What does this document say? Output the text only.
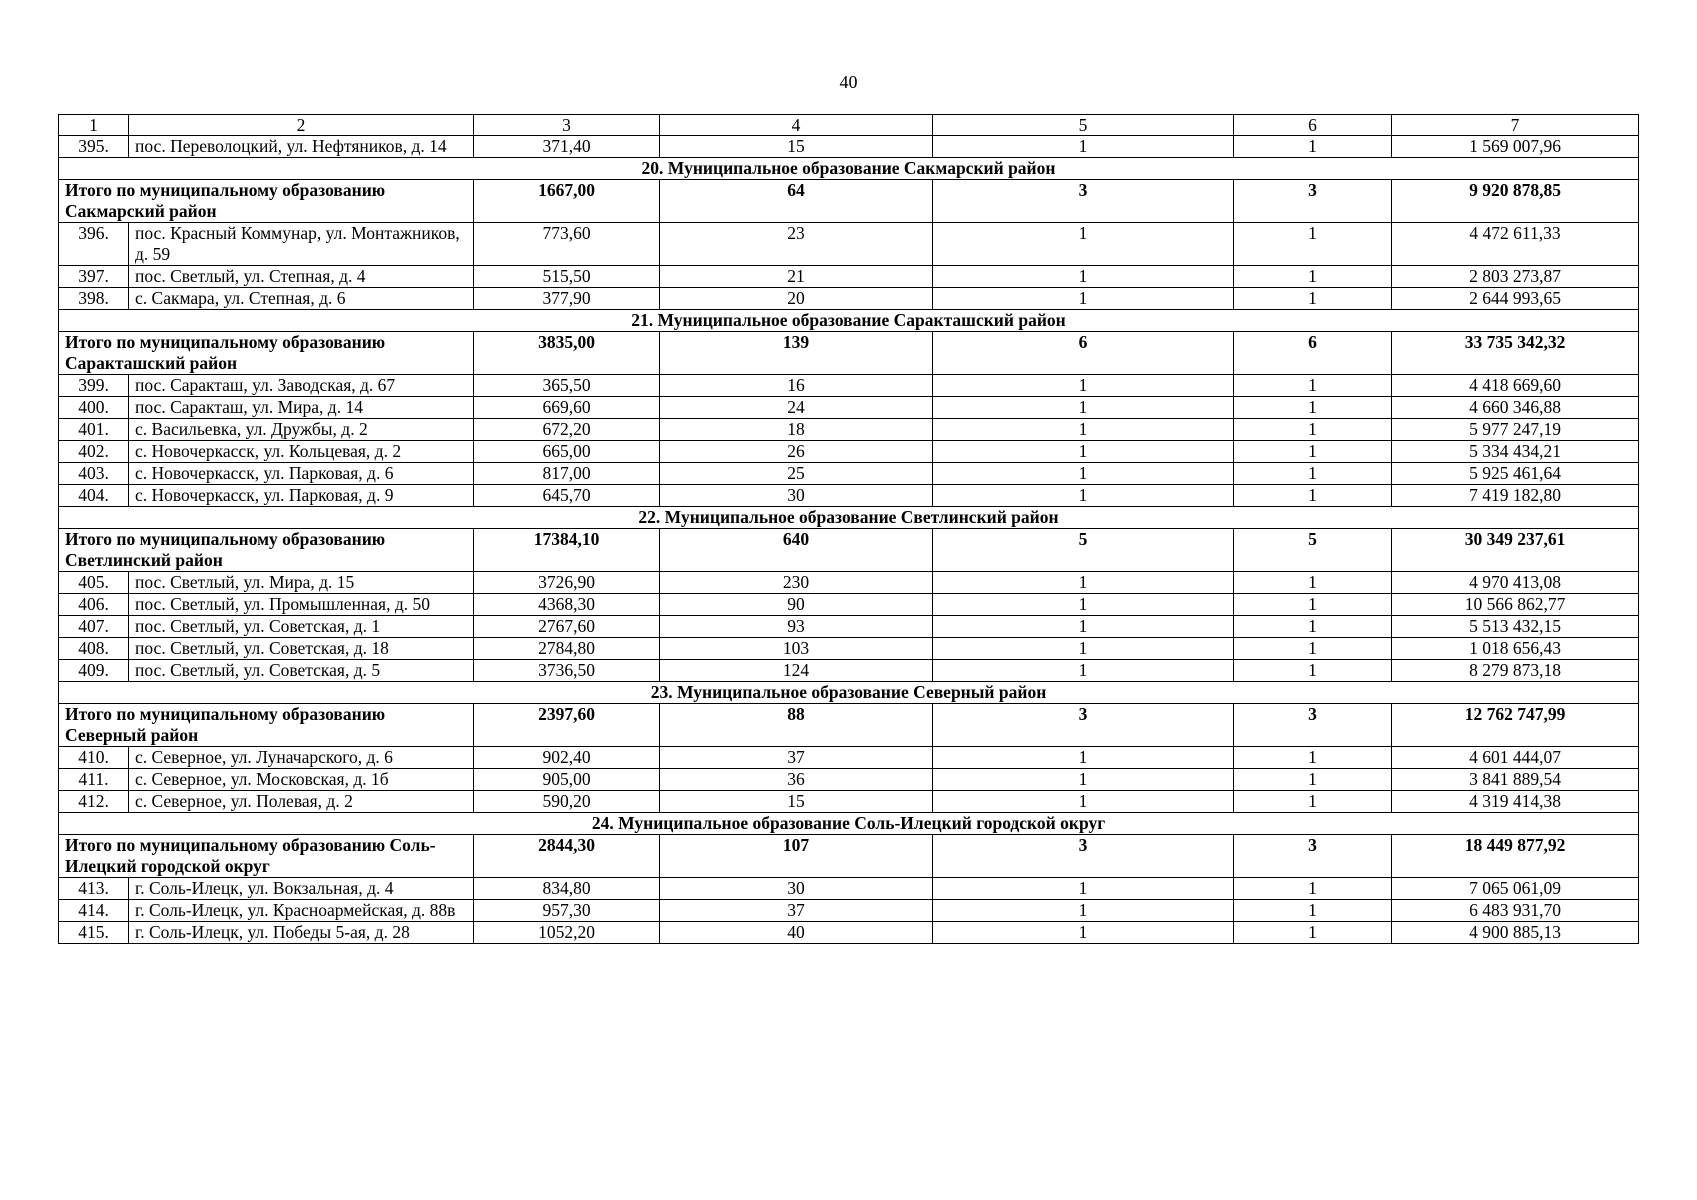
40
1	2	3	4	5	6	7
395.	пос. Переволоцкий, ул. Нефтяников, д. 14	371,40	15	1	1	1 569 007,96
20. Муниципальное образование Сакмарский район						
Итого по муниципальному образованию Сакмарский район		1667,00	64	3	3	9 920 878,85
396.	пос. Красный Коммунар, ул. Монтажников, д. 59	773,60	23	1	1	4 472 611,33
397.	пос. Светлый, ул. Степная, д. 4	515,50	21	1	1	2 803 273,87
398.	с. Сакмара, ул. Степная, д. 6	377,90	20	1	1	2 644 993,65
21. Муниципальное образование Саракташский район						
Итого по муниципальному образованию Саракташский район		3835,00	139	6	6	33 735 342,32
399.	пос. Саракташ, ул. Заводская, д. 67	365,50	16	1	1	4 418 669,60
400.	пос. Саракташ, ул. Мира, д. 14	669,60	24	1	1	4 660 346,88
401.	с. Васильевка, ул. Дружбы, д. 2	672,20	18	1	1	5 977 247,19
402.	с. Новочеркасск, ул. Кольцевая, д. 2	665,00	26	1	1	5 334 434,21
403.	с. Новочеркасск, ул. Парковая, д. 6	817,00	25	1	1	5 925 461,64
404.	с. Новочеркасск, ул. Парковая, д. 9	645,70	30	1	1	7 419 182,80
22. Муниципальное образование Светлинский район						
Итого по муниципальному образованию Светлинский район		17384,10	640	5	5	30 349 237,61
405.	пос. Светлый, ул. Мира, д. 15	3726,90	230	1	1	4 970 413,08
406.	пос. Светлый, ул. Промышленная, д. 50	4368,30	90	1	1	10 566 862,77
407.	пос. Светлый, ул. Советская, д. 1	2767,60	93	1	1	5 513 432,15
408.	пос. Светлый, ул. Советская, д. 18	2784,80	103	1	1	1 018 656,43
409.	пос. Светлый, ул. Советская, д. 5	3736,50	124	1	1	8 279 873,18
23. Муниципальное образование Северный район						
Итого по муниципальному образованию Северный район		2397,60	88	3	3	12 762 747,99
410.	с. Северное, ул. Луначарского, д. 6	902,40	37	1	1	4 601 444,07
411.	с. Северное, ул. Московская, д. 1б	905,00	36	1	1	3 841 889,54
412.	с. Северное, ул. Полевая, д. 2	590,20	15	1	1	4 319 414,38
24. Муниципальное образование Соль-Илецкий городской округ						
Итого по муниципальному образованию Соль-Илецкий городской округ		2844,30	107	3	3	18 449 877,92
413.	г. Соль-Илецк, ул. Вокзальная, д. 4	834,80	30	1	1	7 065 061,09
414.	г. Соль-Илецк, ул. Красноармейская, д. 88в	957,30	37	1	1	6 483 931,70
415.	г. Соль-Илецк, ул. Победы 5-ая, д. 28	1052,20	40	1	1	4 900 885,13
